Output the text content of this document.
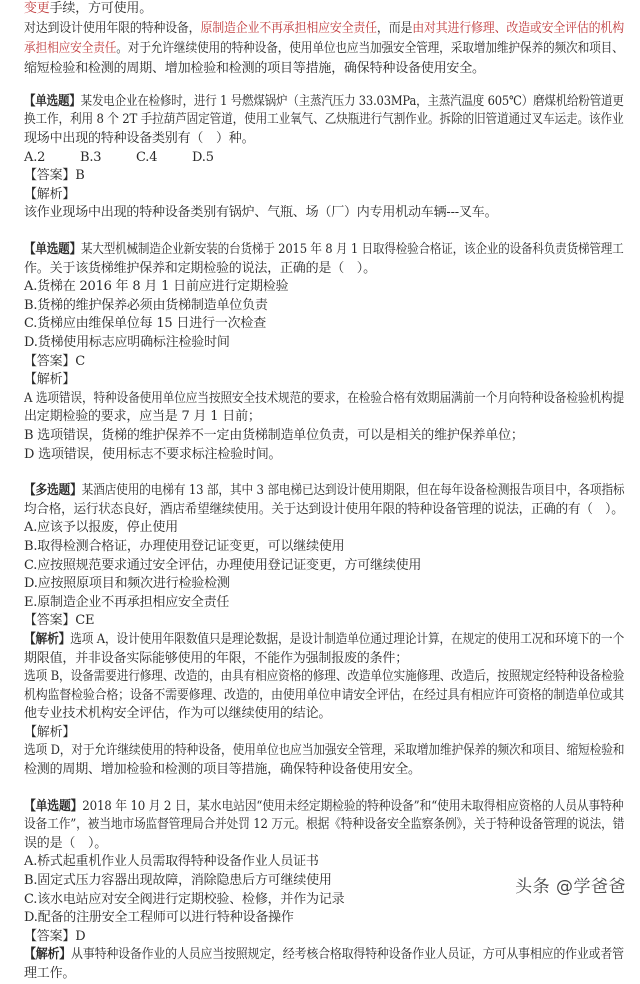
变更手续，方可使用。
对达到设计使用年限的特种设备，原制造企业不再承担相应安全责任，而是由对其进行修理、改造或安全评估的机构
承担相应安全责任。对于允许继续使用的特种设备，使用单位也应当加强安全管理，采取增加维护保养的频次和项目、
缩短检验和检测的周期、增加检验和检测的项目等措施，确保特种设备使用安全。
【单选题】某发电企业在检修时，进行 1 号燃煤锅炉（主蒸汽压力 33.03MPa，主蒸汽温度 605℃）磨煤机给粉管道更
换工作，利用 8 个 2T 手拉葫芦固定管道，使用工业氧气、乙炔瓶进行气割作业。拆除的旧管道通过叉车运走。该作业
现场中出现的特种设备类别有（　）种。
A.2	B.3	C.4	D.5
【答案】B
【解析】
该作业现场中出现的特种设备类别有锅炉、气瓶、场（厂）内专用机动车辆---叉车。
【单选题】某大型机械制造企业新安装的台货梯于 2015 年 8 月 1 日取得检验合格证，该企业的设备科负责货梯管理工
作。关于该货梯维护保养和定期检验的说法，正确的是（　）。
A.货梯在 2016 年 8 月 1 日前应进行定期检验
B.货梯的维护保养必须由货梯制造单位负责
C.货梯应由维保单位每 15 日进行一次检查
D.货梯使用标志应明确标注检验时间
【答案】C
【解析】
A 选项错误，特种设备使用单位应当按照安全技术规范的要求，在检验合格有效期届满前一个月向特种设备检验机构提
出定期检验的要求，应当是 7 月 1 日前；
B 选项错误，货梯的维护保养不一定由货梯制造单位负责，可以是相关的维护保养单位；
D 选项错误，使用标志不要求标注检验时间。
【多选题】某酒店使用的电梯有 13 部，其中 3 部电梯已达到设计使用期限，但在每年设备检测报告项目中，各项指标
均合格，运行状态良好，酒店希望继续使用。关于达到设计使用年限的特种设备管理的说法，正确的有（　）。
A.应该予以报废，停止使用
B.取得检测合格证，办理使用登记证变更，可以继续使用
C.应按照规范要求通过安全评估，办理使用登记证变更，方可继续使用
D.应按照原项目和频次进行检验检测
E.原制造企业不再承担相应安全责任
【答案】CE
【解析】选项 A，设计使用年限数值只是理论数据，是设计制造单位通过理论计算，在规定的使用工况和环境下的一个
期限值，并非设备实际能够使用的年限，不能作为强制报废的条件；
选项 B，设备需要进行修理、改造的，由具有相应资格的修理、改造单位实施修理、改造后，按照规定经特种设备检验
机构监督检验合格；设备不需要修理、改造的，由使用单位申请安全评估，在经过具有相应许可资格的制造单位或其
他专业技术机构安全评估，作为可以继续使用的结论。
【解析】
选项 D，对于允许继续使用的特种设备，使用单位也应当加强安全管理，采取增加维护保养的频次和项目、缩短检验和
检测的周期、增加检验和检测的项目等措施，确保特种设备使用安全。
【单选题】2018 年 10 月 2 日，某水电站因“使用未经定期检验的特种设备”和“使用未取得相应资格的人员从事特种
设备工作”，被当地市场监督管理局合并处罚 12 万元。根据《特种设备安全监察条例》，关于特种设备管理的说法，错
误的是（　）。
A.桥式起重机作业人员需取得特种设备作业人员证书
B.固定式压力容器出现故障，消除隐患后方可继续使用
C.该水电站应对安全阀进行定期校验、检修，并作为记录
D.配备的注册安全工程师可以进行特种设备操作
【答案】D
【解析】从事特种设备作业的人员应当按照规定，经考核合格取得特种设备作业人员证，方可从事相应的作业或者管
理工作。
头条 @学爸爸
